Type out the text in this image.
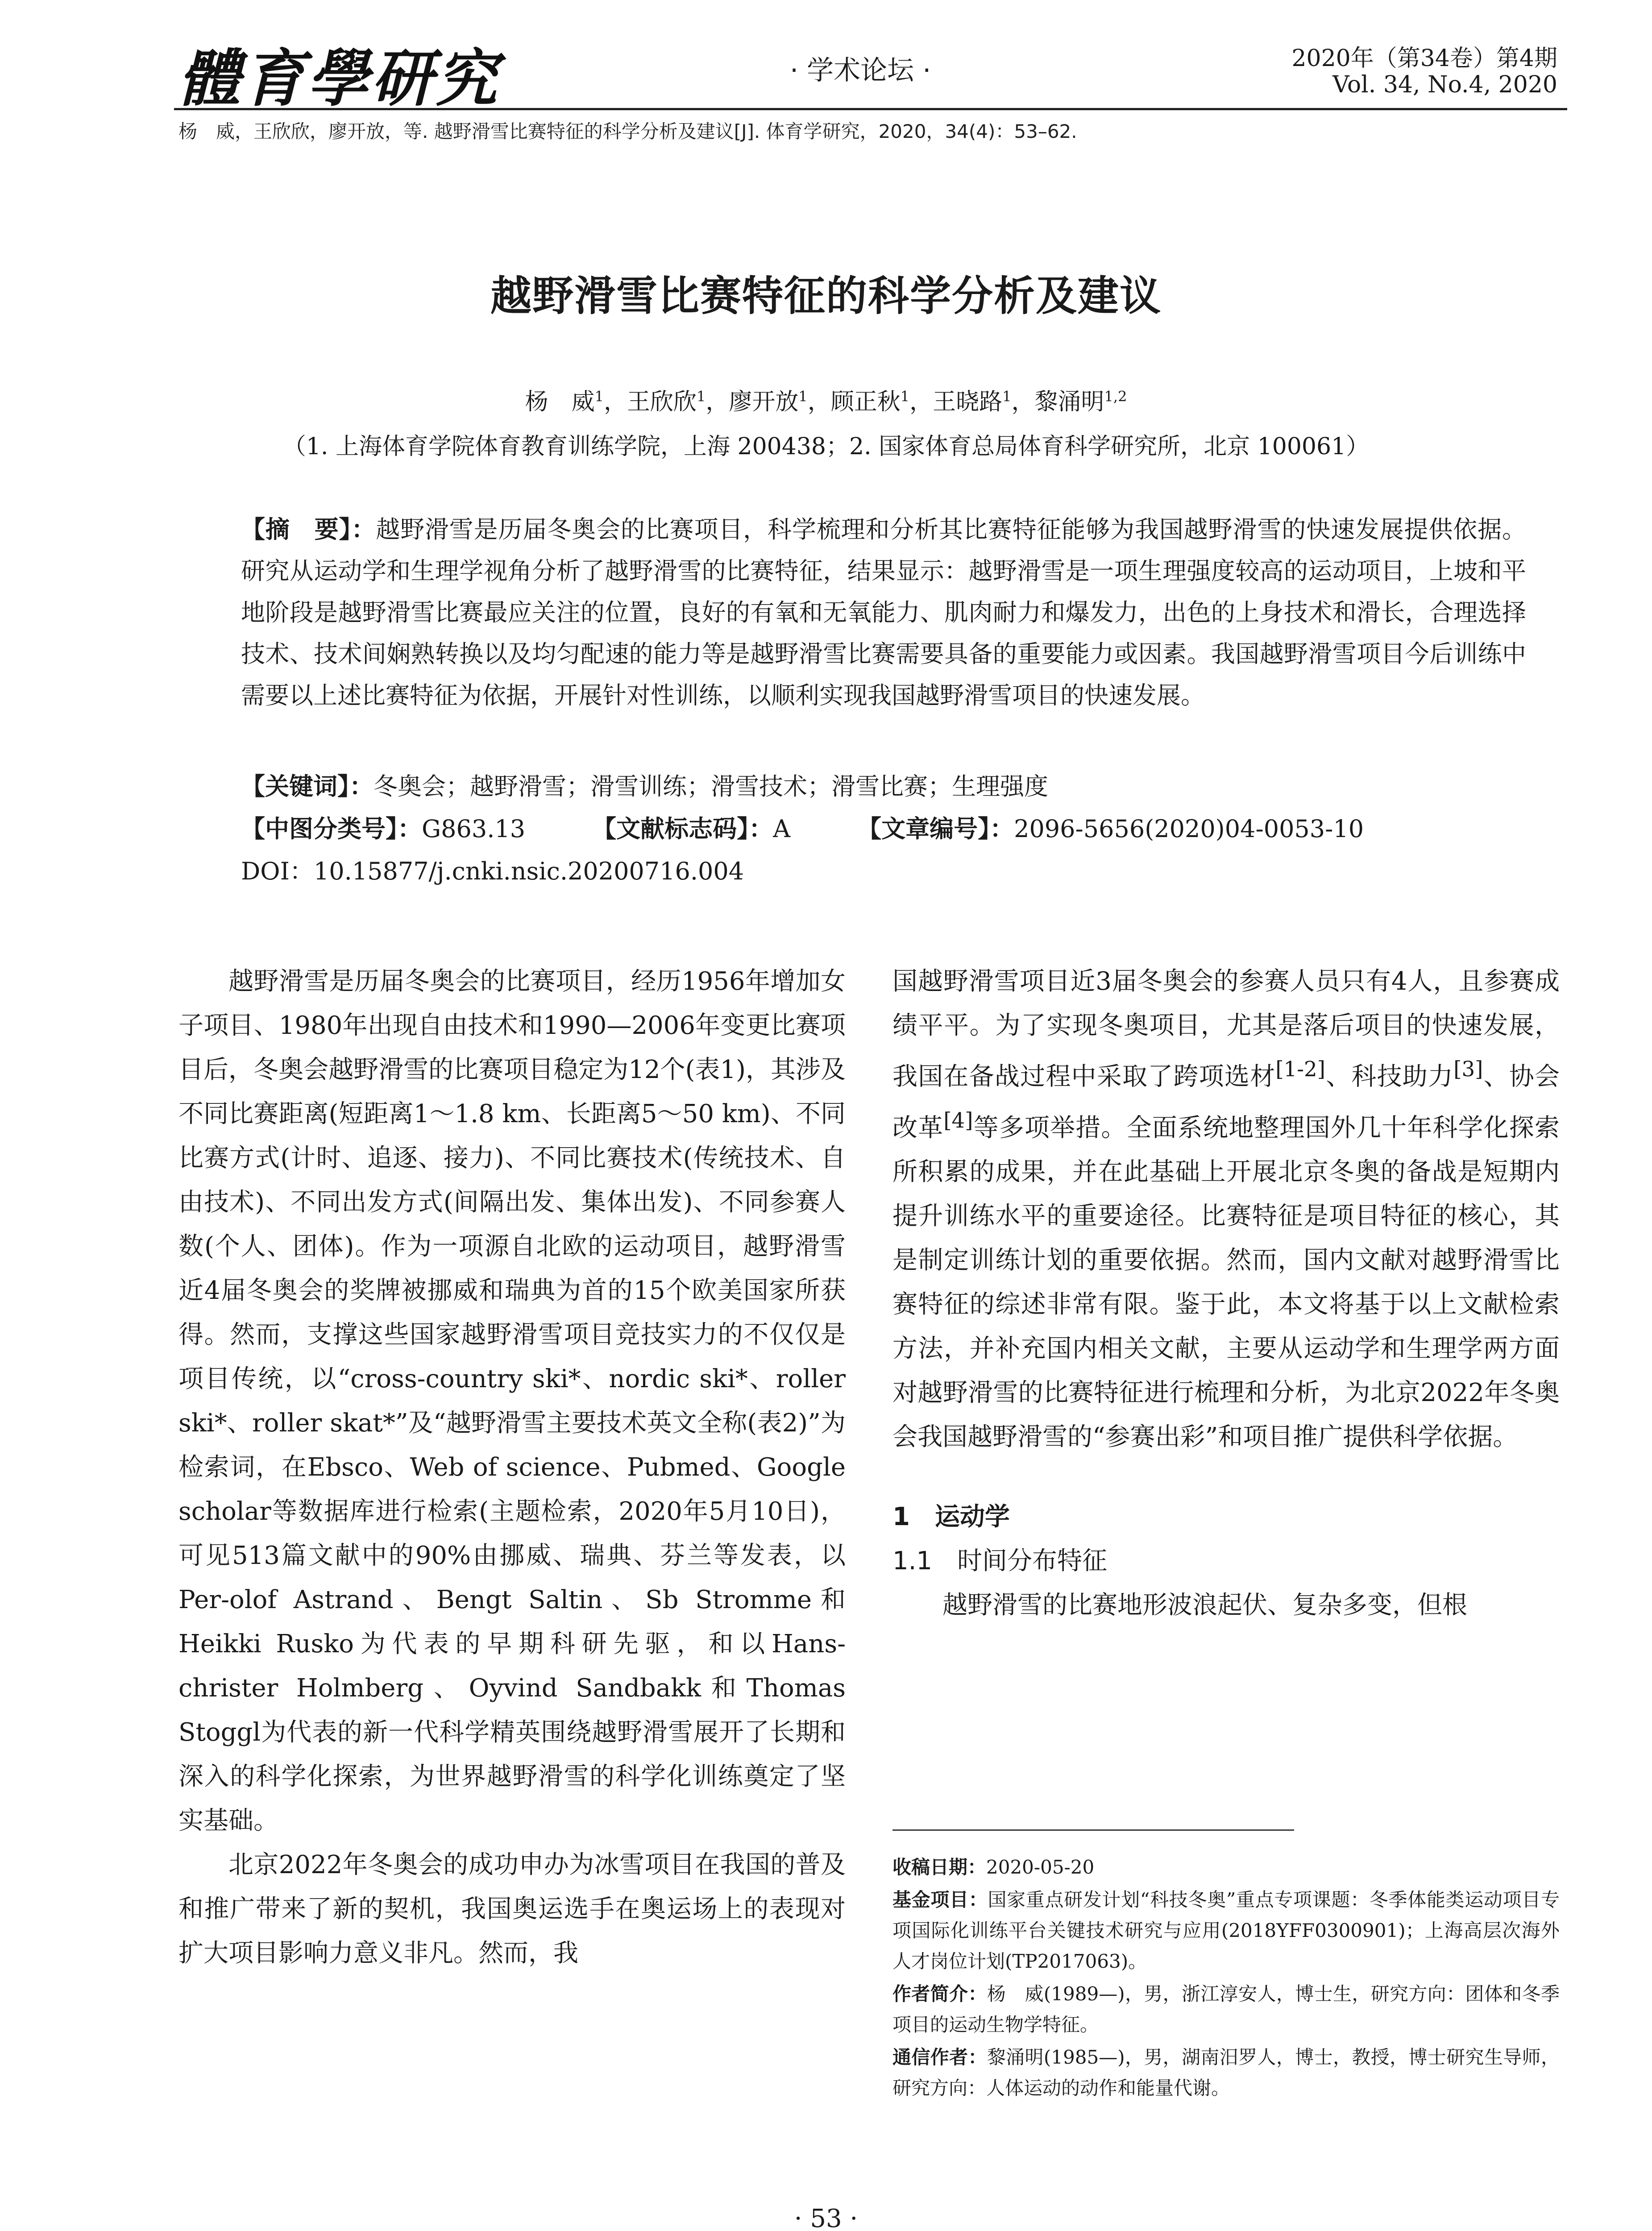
體育學研究	· 学术论坛 ·	2020年（第34卷）第4期
Vol. 34, No.4, 2020
杨　威，王欣欣，廖开放，等. 越野滑雪比赛特征的科学分析及建议[J]. 体育学研究，2020，34(4)：53–62.
越野滑雪比赛特征的科学分析及建议
杨　威$^1$，王欣欣$^1$，廖开放$^1$，顾正秋$^1$，王晓路$^1$，黎涌明$^{1,2}$
（1. 上海体育学院体育教育训练学院，上海 200438；2. 国家体育总局体育科学研究所，北京 100061）
【摘　要】：越野滑雪是历届冬奥会的比赛项目，科学梳理和分析其比赛特征能够为我国越野滑雪的快速发展提供依据。研究从运动学和生理学视角分析了越野滑雪的比赛特征，结果显示：越野滑雪是一项生理强度较高的运动项目，上坡和平地阶段是越野滑雪比赛最应关注的位置，良好的有氧和无氧能力、肌肉耐力和爆发力，出色的上身技术和滑长，合理选择技术、技术间娴熟转换以及均匀配速的能力等是越野滑雪比赛需要具备的重要能力或因素。我国越野滑雪项目今后训练中需要以上述比赛特征为依据，开展针对性训练，以顺利实现我国越野滑雪项目的快速发展。
【关键词】：冬奥会；越野滑雪；滑雪训练；滑雪技术；滑雪比赛；生理强度
【中图分类号】：G863.13	【文献标志码】：A	【文章编号】：2096-5656(2020)04-0053-10
DOI：10.15877/j.cnki.nsic.20200716.004

越野滑雪是历届冬奥会的比赛项目，经历1956年增加女子项目、1980年出现自由技术和1990—2006年变更比赛项目后，冬奥会越野滑雪的比赛项目稳定为12个(表1)，其涉及不同比赛距离(短距离1～1.8 km、长距离5～50 km)、不同比赛方式(计时、追逐、接力)、不同比赛技术(传统技术、自由技术)、不同出发方式(间隔出发、集体出发)、不同参赛人数(个人、团体)。作为一项源自北欧的运动项目，越野滑雪近4届冬奥会的奖牌被挪威和瑞典为首的15个欧美国家所获得。然而，支撑这些国家越野滑雪项目竞技实力的不仅仅是项目传统，以“cross-country ski*、nordic ski*、roller ski*、roller skat*”及“越野滑雪主要技术英文全称(表2)”为检索词，在Ebsco、Web of science、Pubmed、Google scholar等数据库进行检索(主题检索，2020年5月10日)，可见513篇文献中的90%由挪威、瑞典、芬兰等发表，以Per-olof Astrand、Bengt Saltin、Sb Stromme和Heikki Rusko为代表的早期科研先驱，和以Hans-christer Holmberg、Oyvind Sandbakk和Thomas Stoggl为代表的新一代科学精英围绕越野滑雪展开了长期和深入的科学化探索，为世界越野滑雪的科学化训练奠定了坚实基础。

北京2022年冬奥会的成功申办为冰雪项目在我国的普及和推广带来了新的契机，我国奥运选手在奥运场上的表现对扩大项目影响力意义非凡。然而，我

国越野滑雪项目近3届冬奥会的参赛人员只有4人，且参赛成绩平平。为了实现冬奥项目，尤其是落后项目的快速发展，我国在备战过程中采取了跨项选材[1-2]、科技助力[3]、协会改革[4]等多项举措。全面系统地整理国外几十年科学化探索所积累的成果，并在此基础上开展北京冬奥的备战是短期内提升训练水平的重要途径。比赛特征是项目特征的核心，其是制定训练计划的重要依据。然而，国内文献对越野滑雪比赛特征的综述非常有限。鉴于此，本文将基于以上文献检索方法，并补充国内相关文献，主要从运动学和生理学两方面对越野滑雪的比赛特征进行梳理和分析，为北京2022年冬奥会我国越野滑雪的“参赛出彩”和项目推广提供科学依据。

1　运动学
1.1　时间分布特征

越野滑雪的比赛地形波浪起伏、复杂多变，但根

收稿日期：2020-05-20

基金项目：国家重点研发计划“科技冬奥”重点专项课题：冬季体能类运动项目专项国际化训练平台关键技术研究与应用(2018YFF0300901)；上海高层次海外人才岗位计划(TP2017063)。

作者简介：杨　威(1989—)，男，浙江淳安人，博士生，研究方向：团体和冬季项目的运动生物学特征。

通信作者：黎涌明(1985—)，男，湖南汨罗人，博士，教授，博士研究生导师，研究方向：人体运动的动作和能量代谢。

· 53 ·
